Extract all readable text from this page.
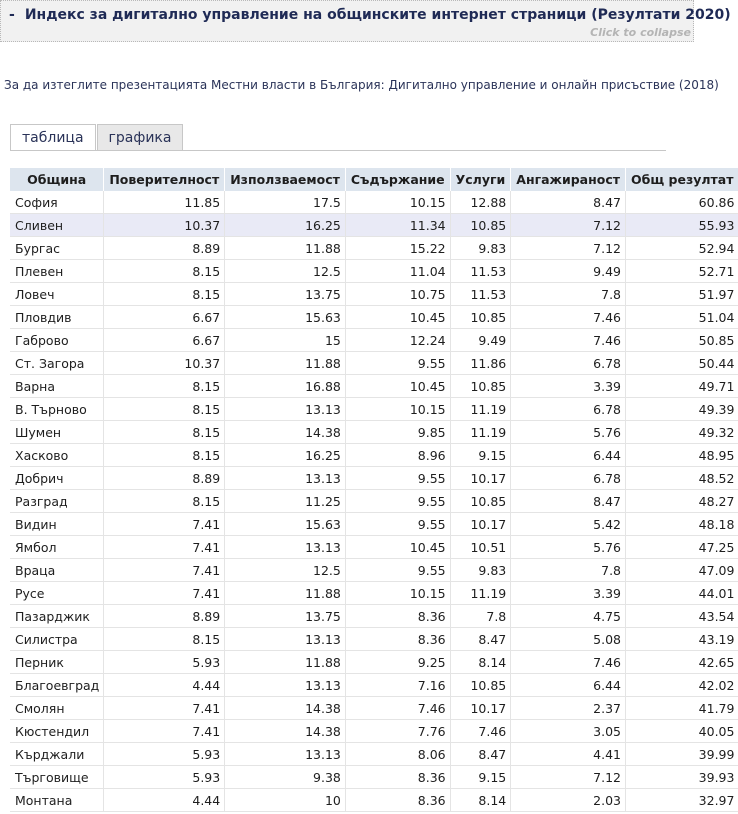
- Индекс за дигитално управление на общинските интернет страници (Резултати 2020)
Click to collapse
За да изтеглите презентацията Местни власти в България: Дигитално управление и онлайн присъствие (2018)
таблица графика
Община	Поверителност	Използваемост	Съдържание	Услуги	Ангажираност	Общ резултат
София	11.85	17.5	10.15	12.88	8.47	60.86
Сливен	10.37	16.25	11.34	10.85	7.12	55.93
Бургас	8.89	11.88	15.22	9.83	7.12	52.94
Плевен	8.15	12.5	11.04	11.53	9.49	52.71
Ловеч	8.15	13.75	10.75	11.53	7.8	51.97
Пловдив	6.67	15.63	10.45	10.85	7.46	51.04
Габрово	6.67	15	12.24	9.49	7.46	50.85
Ст. Загора	10.37	11.88	9.55	11.86	6.78	50.44
Варна	8.15	16.88	10.45	10.85	3.39	49.71
В. Търново	8.15	13.13	10.15	11.19	6.78	49.39
Шумен	8.15	14.38	9.85	11.19	5.76	49.32
Хасково	8.15	16.25	8.96	9.15	6.44	48.95
Добрич	8.89	13.13	9.55	10.17	6.78	48.52
Разград	8.15	11.25	9.55	10.85	8.47	48.27
Видин	7.41	15.63	9.55	10.17	5.42	48.18
Ямбол	7.41	13.13	10.45	10.51	5.76	47.25
Враца	7.41	12.5	9.55	9.83	7.8	47.09
Русе	7.41	11.88	10.15	11.19	3.39	44.01
Пазарджик	8.89	13.75	8.36	7.8	4.75	43.54
Силистра	8.15	13.13	8.36	8.47	5.08	43.19
Перник	5.93	11.88	9.25	8.14	7.46	42.65
Благоевград	4.44	13.13	7.16	10.85	6.44	42.02
Смолян	7.41	14.38	7.46	10.17	2.37	41.79
Кюстендил	7.41	14.38	7.76	7.46	3.05	40.05
Кърджали	5.93	13.13	8.06	8.47	4.41	39.99
Търговище	5.93	9.38	8.36	9.15	7.12	39.93
Монтана	4.44	10	8.36	8.14	2.03	32.97
